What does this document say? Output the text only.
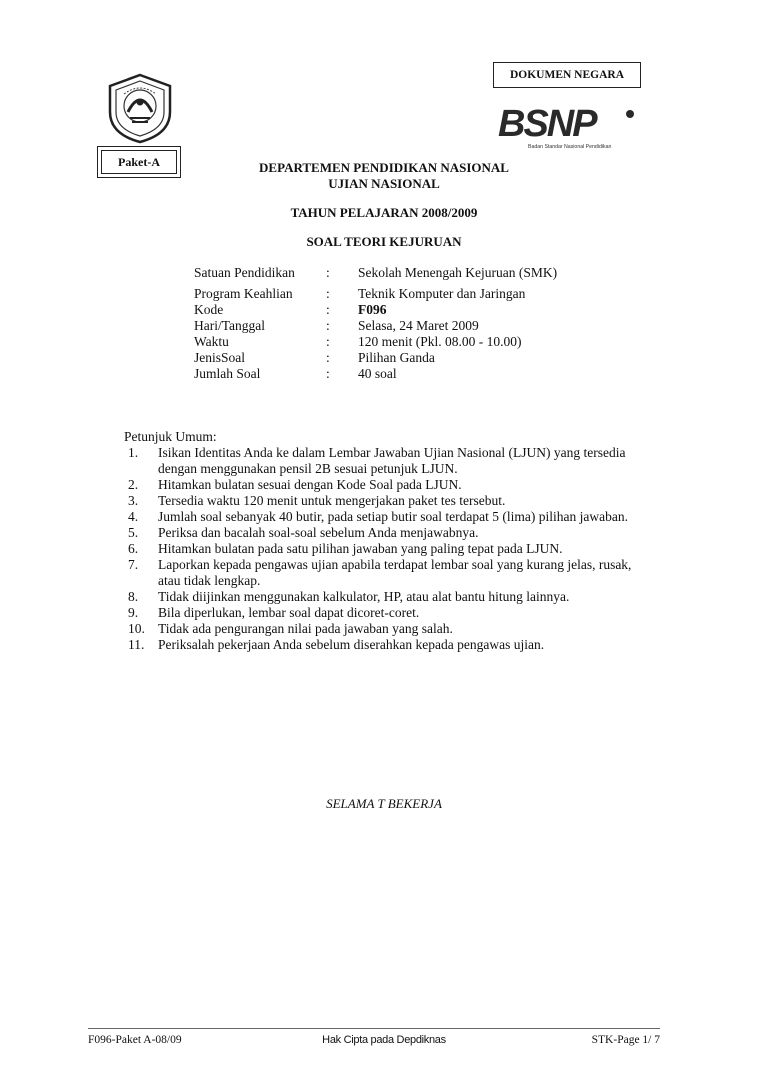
DOKUMEN NEGARA
BSNP
Badan Standar Nasional Pendidikan
Paket-A	DEPARTEMEN PENDIDIKAN NASIONAL
UJIAN NASIONAL
TAHUN PELAJARAN 2008/2009
SOAL TEORI KEJURUAN
Satuan Pendidikan : Sekolah Menengah Kejuruan (SMK)
Program Keahlian : Teknik Komputer dan Jaringan
Kode	: F096
Hari/Tanggal	: Selasa, 24 Maret 2009
Waktu	: 120 menit (Pkl. 08.00 - 10.00)
JenisSoal	: Pilihan Ganda
Jumlah Soal	: 40 soal
Petunjuk Umum:
1.	Isikan Identitas Anda ke dalam Lembar Jawaban Ujian Nasional (LJUN) yang tersedia
dengan menggunakan pensil 2B sesuai petunjuk LJUN.
2.	Hitamkan bulatan sesuai dengan Kode Soal pada LJUN.
3.	Tersedia waktu 120 menit untuk mengerjakan paket tes tersebut.
4.	Jumlah soal sebanyak 40 butir, pada setiap butir soal terdapat 5 (lima) pilihan jawaban.
5.	Periksa dan bacalah soal-soal sebelum Anda menjawabnya.
6.	Hitamkan bulatan pada satu pilihan jawaban yang paling tepat pada LJUN.
7.	Laporkan kepada pengawas ujian apabila terdapat lembar soal yang kurang jelas, rusak,
atau tidak lengkap.
8.	Tidak diijinkan menggunakan kalkulator, HP, atau alat bantu hitung lainnya.
9.	Bila diperlukan, lembar soal dapat dicoret-coret.
10. Tidak ada pengurangan nilai pada jawaban yang salah.
11.	Periksalah pekerjaan Anda sebelum diserahkan kepada pengawas ujian.
SELAMA T BEKERJA
F096-Paket A-08/09	Hak Cipta pada Depdiknas	STK-Page 1/ 7
